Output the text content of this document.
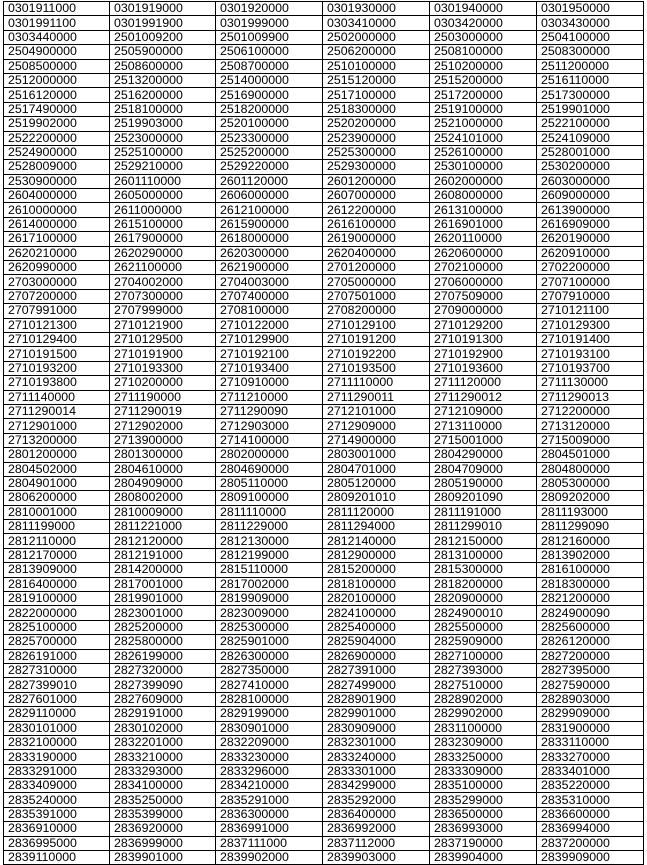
0301911000	0301919000	0301920000	0301930000	0301940000	0301950000
0301991100	0301991900	0301999000	0303410000	0303420000	0303430000
0303440000	2501009200	2501009900	2502000000	2503000000	2504100000
2504900000	2505900000	2506100000	2506200000	2508100000	2508300000
2508500000	2508600000	2508700000	2510100000	2510200000	2511200000
2512000000	2513200000	2514000000	2515120000	2515200000	2516110000
2516120000	2516200000	2516900000	2517100000	2517200000	2517300000
2517490000	2518100000	2518200000	2518300000	2519100000	2519901000
2519902000	2519903000	2520100000	2520200000	2521000000	2522100000
2522200000	2523000000	2523300000	2523900000	2524101000	2524109000
2524900000	2525100000	2525200000	2525300000	2526100000	2528001000
2528009000	2529210000	2529220000	2529300000	2530100000	2530200000
2530900000	2601110000	2601120000	2601200000	2602000000	2603000000
2604000000	2605000000	2606000000	2607000000	2608000000	2609000000
2610000000	2611000000	2612100000	2612200000	2613100000	2613900000
2614000000	2615100000	2615900000	2616100000	2616901000	2616909000
2617100000	2617900000	2618000000	2619000000	2620110000	2620190000
2620210000	2620290000	2620300000	2620400000	2620600000	2620910000
2620990000	2621100000	2621900000	2701200000	2702100000	2702200000
2703000000	2704002000	2704003000	2705000000	2706000000	2707100000
2707200000	2707300000	2707400000	2707501000	2707509000	2707910000
2707991000	2707999000	2708100000	2708200000	2709000000	2710121100
2710121300	2710121900	2710122000	2710129100	2710129200	2710129300
2710129400	2710129500	2710129900	2710191200	2710191300	2710191400
2710191500	2710191900	2710192100	2710192200	2710192900	2710193100
2710193200	2710193300	2710193400	2710193500	2710193600	2710193700
2710193800	2710200000	2710910000	2711110000	2711120000	2711130000
2711140000	2711190000	2711210000	2711290011	2711290012	2711290013
2711290014	2711290019	2711290090	2712101000	2712109000	2712200000
2712901000	2712902000	2712903000	2712909000	2713110000	2713120000
2713200000	2713900000	2714100000	2714900000	2715001000	2715009000
2801200000	2801300000	2802000000	2803001000	2804290000	2804501000
2804502000	2804610000	2804690000	2804701000	2804709000	2804800000
2804901000	2804909000	2805110000	2805120000	2805190000	2805300000
2806200000	2808002000	2809100000	2809201010	2809201090	2809202000
2810001000	2810009000	2811110000	2811120000	2811191000	2811193000
2811199000	2811221000	2811229000	2811294000	2811299010	2811299090
2812110000	2812120000	2812130000	2812140000	2812150000	2812160000
2812170000	2812191000	2812199000	2812900000	2813100000	2813902000
2813909000	2814200000	2815110000	2815200000	2815300000	2816100000
2816400000	2817001000	2817002000	2818100000	2818200000	2818300000
2819100000	2819901000	2819909000	2820100000	2820900000	2821200000
2822000000	2823001000	2823009000	2824100000	2824900010	2824900090
2825100000	2825200000	2825300000	2825400000	2825500000	2825600000
2825700000	2825800000	2825901000	2825904000	2825909000	2826120000
2826191000	2826199000	2826300000	2826900000	2827100000	2827200000
2827310000	2827320000	2827350000	2827391000	2827393000	2827395000
2827399010	2827399090	2827410000	2827499000	2827510000	2827590000
2827601000	2827609000	2828100000	2828901900	2828902000	2828903000
2829110000	2829191000	2829199000	2829901000	2829902000	2829909000
2830101000	2830102000	2830901000	2830909000	2831100000	2831900000
2832100000	2832201000	2832209000	2832301000	2832309000	2833110000
2833190000	2833210000	2833230000	2833240000	2833250000	2833270000
2833291000	2833293000	2833296000	2833301000	2833309000	2833401000
2833409000	2834100000	2834210000	2834299000	2835100000	2835220000
2835240000	2835250000	2835291000	2835292000	2835299000	2835310000
2835391000	2835399000	2836300000	2836400000	2836500000	2836600000
2836910000	2836920000	2836991000	2836992000	2836993000	2836994000
2836995000	2836999000	2837111000	2837112000	2837190000	2837200000
2839110000	2839901000	2839902000	2839903000	2839904000	2839909000
